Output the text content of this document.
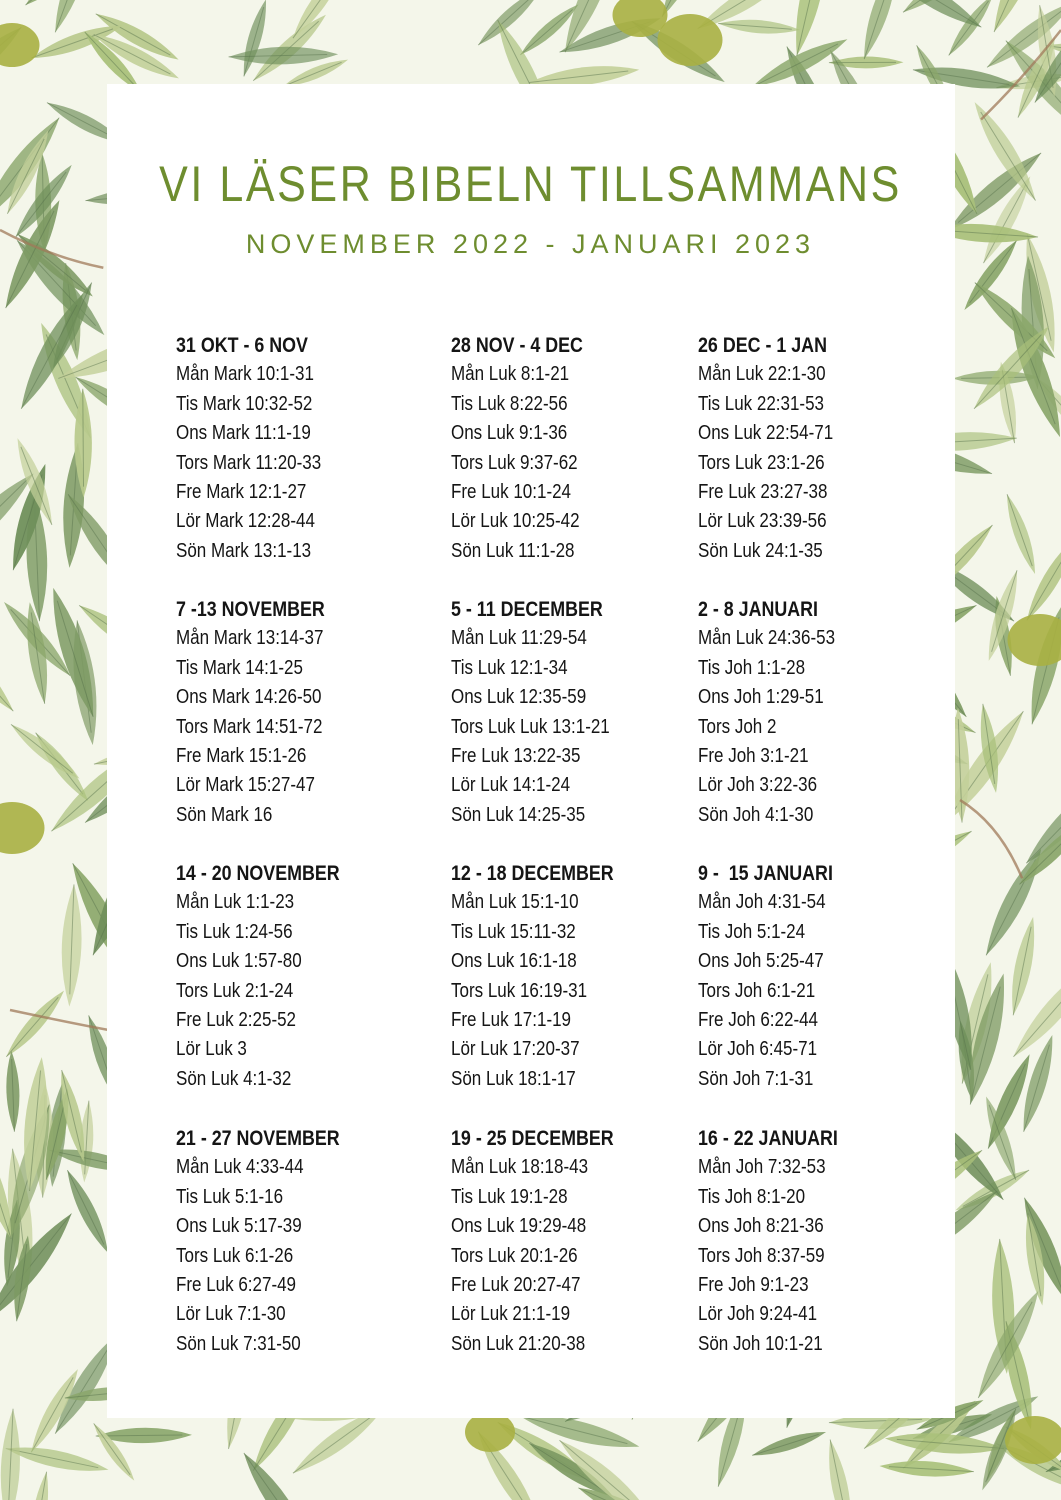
VI LÄSER BIBELN TILLSAMMANS
NOVEMBER 2022 - JANUARI 2023
31 OKT - 6 NOV
Mån Mark 10:1-31
Tis Mark 10:32-52
Ons Mark 11:1-19
Tors Mark 11:20-33
Fre Mark 12:1-27
Lör Mark 12:28-44
Sön Mark 13:1-13
28 NOV - 4 DEC
Mån Luk 8:1-21
Tis Luk 8:22-56
Ons Luk 9:1-36
Tors Luk 9:37-62
Fre Luk 10:1-24
Lör Luk 10:25-42
Sön Luk 11:1-28
26 DEC - 1 JAN
Mån Luk 22:1-30
Tis Luk 22:31-53
Ons Luk 22:54-71
Tors Luk 23:1-26
Fre Luk 23:27-38
Lör Luk 23:39-56
Sön Luk 24:1-35
7 -13 NOVEMBER
Mån Mark 13:14-37
Tis Mark 14:1-25
Ons Mark 14:26-50
Tors Mark 14:51-72
Fre Mark 15:1-26
Lör Mark 15:27-47
Sön Mark 16
5 - 11 DECEMBER
Mån Luk 11:29-54
Tis Luk 12:1-34
Ons Luk 12:35-59
Tors Luk Luk 13:1-21
Fre Luk 13:22-35
Lör Luk 14:1-24
Sön Luk 14:25-35
2 - 8 JANUARI
Mån Luk 24:36-53
Tis Joh 1:1-28
Ons Joh 1:29-51
Tors Joh 2
Fre Joh 3:1-21
Lör Joh 3:22-36
Sön Joh 4:1-30
14 - 20 NOVEMBER
Mån Luk 1:1-23
Tis Luk 1:24-56
Ons Luk 1:57-80
Tors Luk 2:1-24
Fre Luk 2:25-52
Lör Luk 3
Sön Luk 4:1-32
12 - 18 DECEMBER
Mån Luk 15:1-10
Tis Luk 15:11-32
Ons Luk 16:1-18
Tors Luk 16:19-31
Fre Luk 17:1-19
Lör Luk 17:20-37
Sön Luk 18:1-17
9 -  15 JANUARI
Mån Joh 4:31-54
Tis Joh 5:1-24
Ons Joh 5:25-47
Tors Joh 6:1-21
Fre Joh 6:22-44
Lör Joh 6:45-71
Sön Joh 7:1-31
21 - 27 NOVEMBER
Mån Luk 4:33-44
Tis Luk 5:1-16
Ons Luk 5:17-39
Tors Luk 6:1-26
Fre Luk 6:27-49
Lör Luk 7:1-30
Sön Luk 7:31-50
19 - 25 DECEMBER
Mån Luk 18:18-43
Tis Luk 19:1-28
Ons Luk 19:29-48
Tors Luk 20:1-26
Fre Luk 20:27-47
Lör Luk 21:1-19
Sön Luk 21:20-38
16 - 22 JANUARI
Mån Joh 7:32-53
Tis Joh 8:1-20
Ons Joh 8:21-36
Tors Joh 8:37-59
Fre Joh 9:1-23
Lör Joh 9:24-41
Sön Joh 10:1-21
